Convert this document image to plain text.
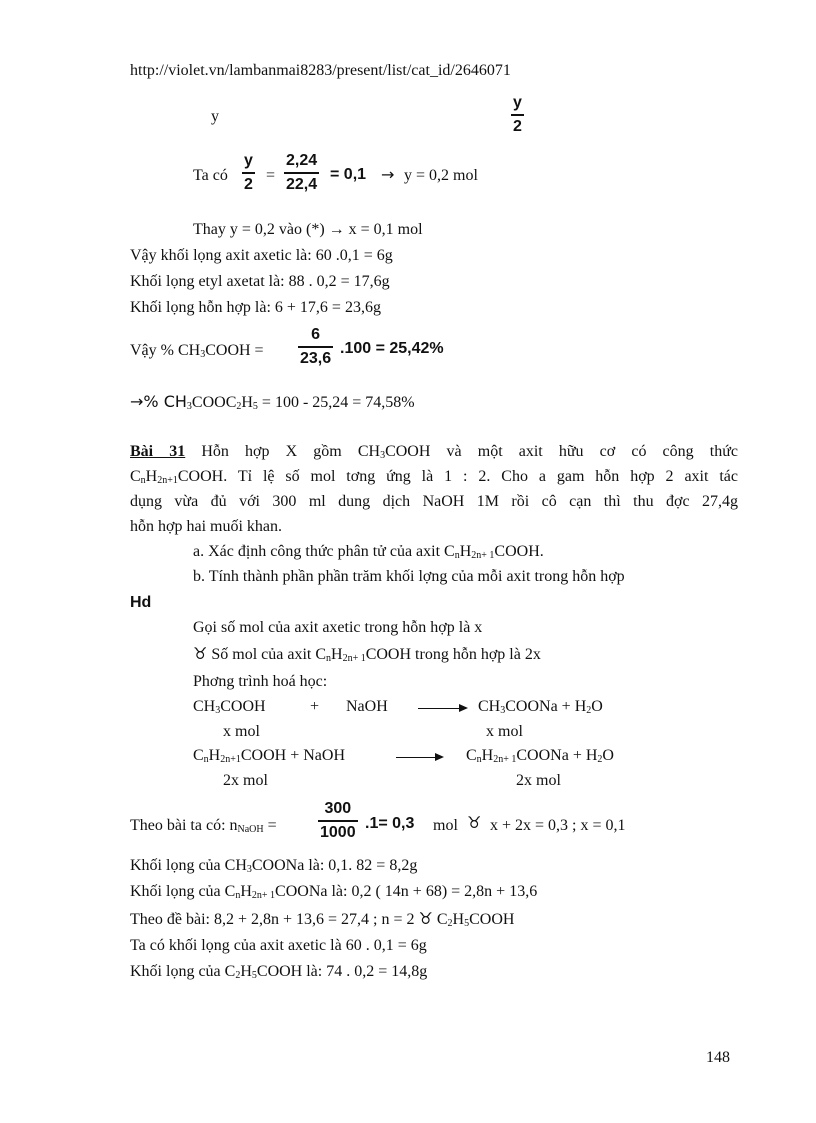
http://violet.vn/lambanmai8283/present/list/cat_id/2646071
y	$\frac{y}{2}$
Ta có $\frac{y}{2} = \frac{2,24}{22,4} = 0,1 \to y = 0,2$ mol
Thay y = 0,2 vào (*) → x = 0,1 mol
Vậy khối lọng axit axetic là: 60 .0,1 = 6g
Khối lọng etyl axetat là: 88 . 0,2 = 17,6g
Khối lọng hỗn hợp là: 6 + 17,6 = 23,6g
Vậy % $CH_3COOH = \frac{6}{23,6} .100 = 25,42\%$
→% $CH_3COOC_2H_5 = 100 - 25,24 = 74,58\%$
Bài 31 Hỗn hợp X gồm $CH_3COOH$ và một axit hữu cơ có công thức
$C_nH_{2n+1}COOH$. Tỉ lệ số mol tơng ứng là 1 : 2. Cho a gam hỗn hợp 2 axit tác
dụng vừa đủ với 300 ml dung dịch NaOH 1M rồi cô cạn thì thu đợc 27,4g
hỗn hợp hai muối khan.
a. Xác định công thức phân tử của axit $C_nH_{2n+ 1}COOH$.
b. Tính thành phần phần trăm khối lợng của mỗi axit trong hỗn hợp
Hd
Gọi số mol của axit axetic trong hỗn hợp là x
♉ Số mol của axit $C_nH_{2n+ 1}COOH$ trong hỗn hợp là 2x
Phơng trình hoá học:
$CH_3COOH$	+ NaOH → $CH_3COONa + H_2O$
x mol	x mol
$C_nH_{2n+1}COOH$ + NaOH	→ $C_nH_{2n+ 1}COONa + H_2O$
2x mol	2x mol
Theo bài ta có: $n_{NaOH}$ =	$\frac{300}{1000} .1= 0,3$ mol ♉ x + 2x = 0,3 ; x = 0,1
Khối lọng của $CH_3COONa$ là: 0,1. 82 = 8,2g
Khối lọng của $C_nH_{2n+ 1}COONa$ là: 0,2 ( 14n + 68) = 2,8n + 13,6
Theo đề bài: 8,2 + 2,8n + 13,6 = 27,4 ; n = 2 ♉ $C_2H_5COOH$
Ta có khối lọng của axit axetic là 60 . 0,1 = 6g
Khối lọng của $C_2H_5COOH$ là: 74 . 0,2 = 14,8g
148
